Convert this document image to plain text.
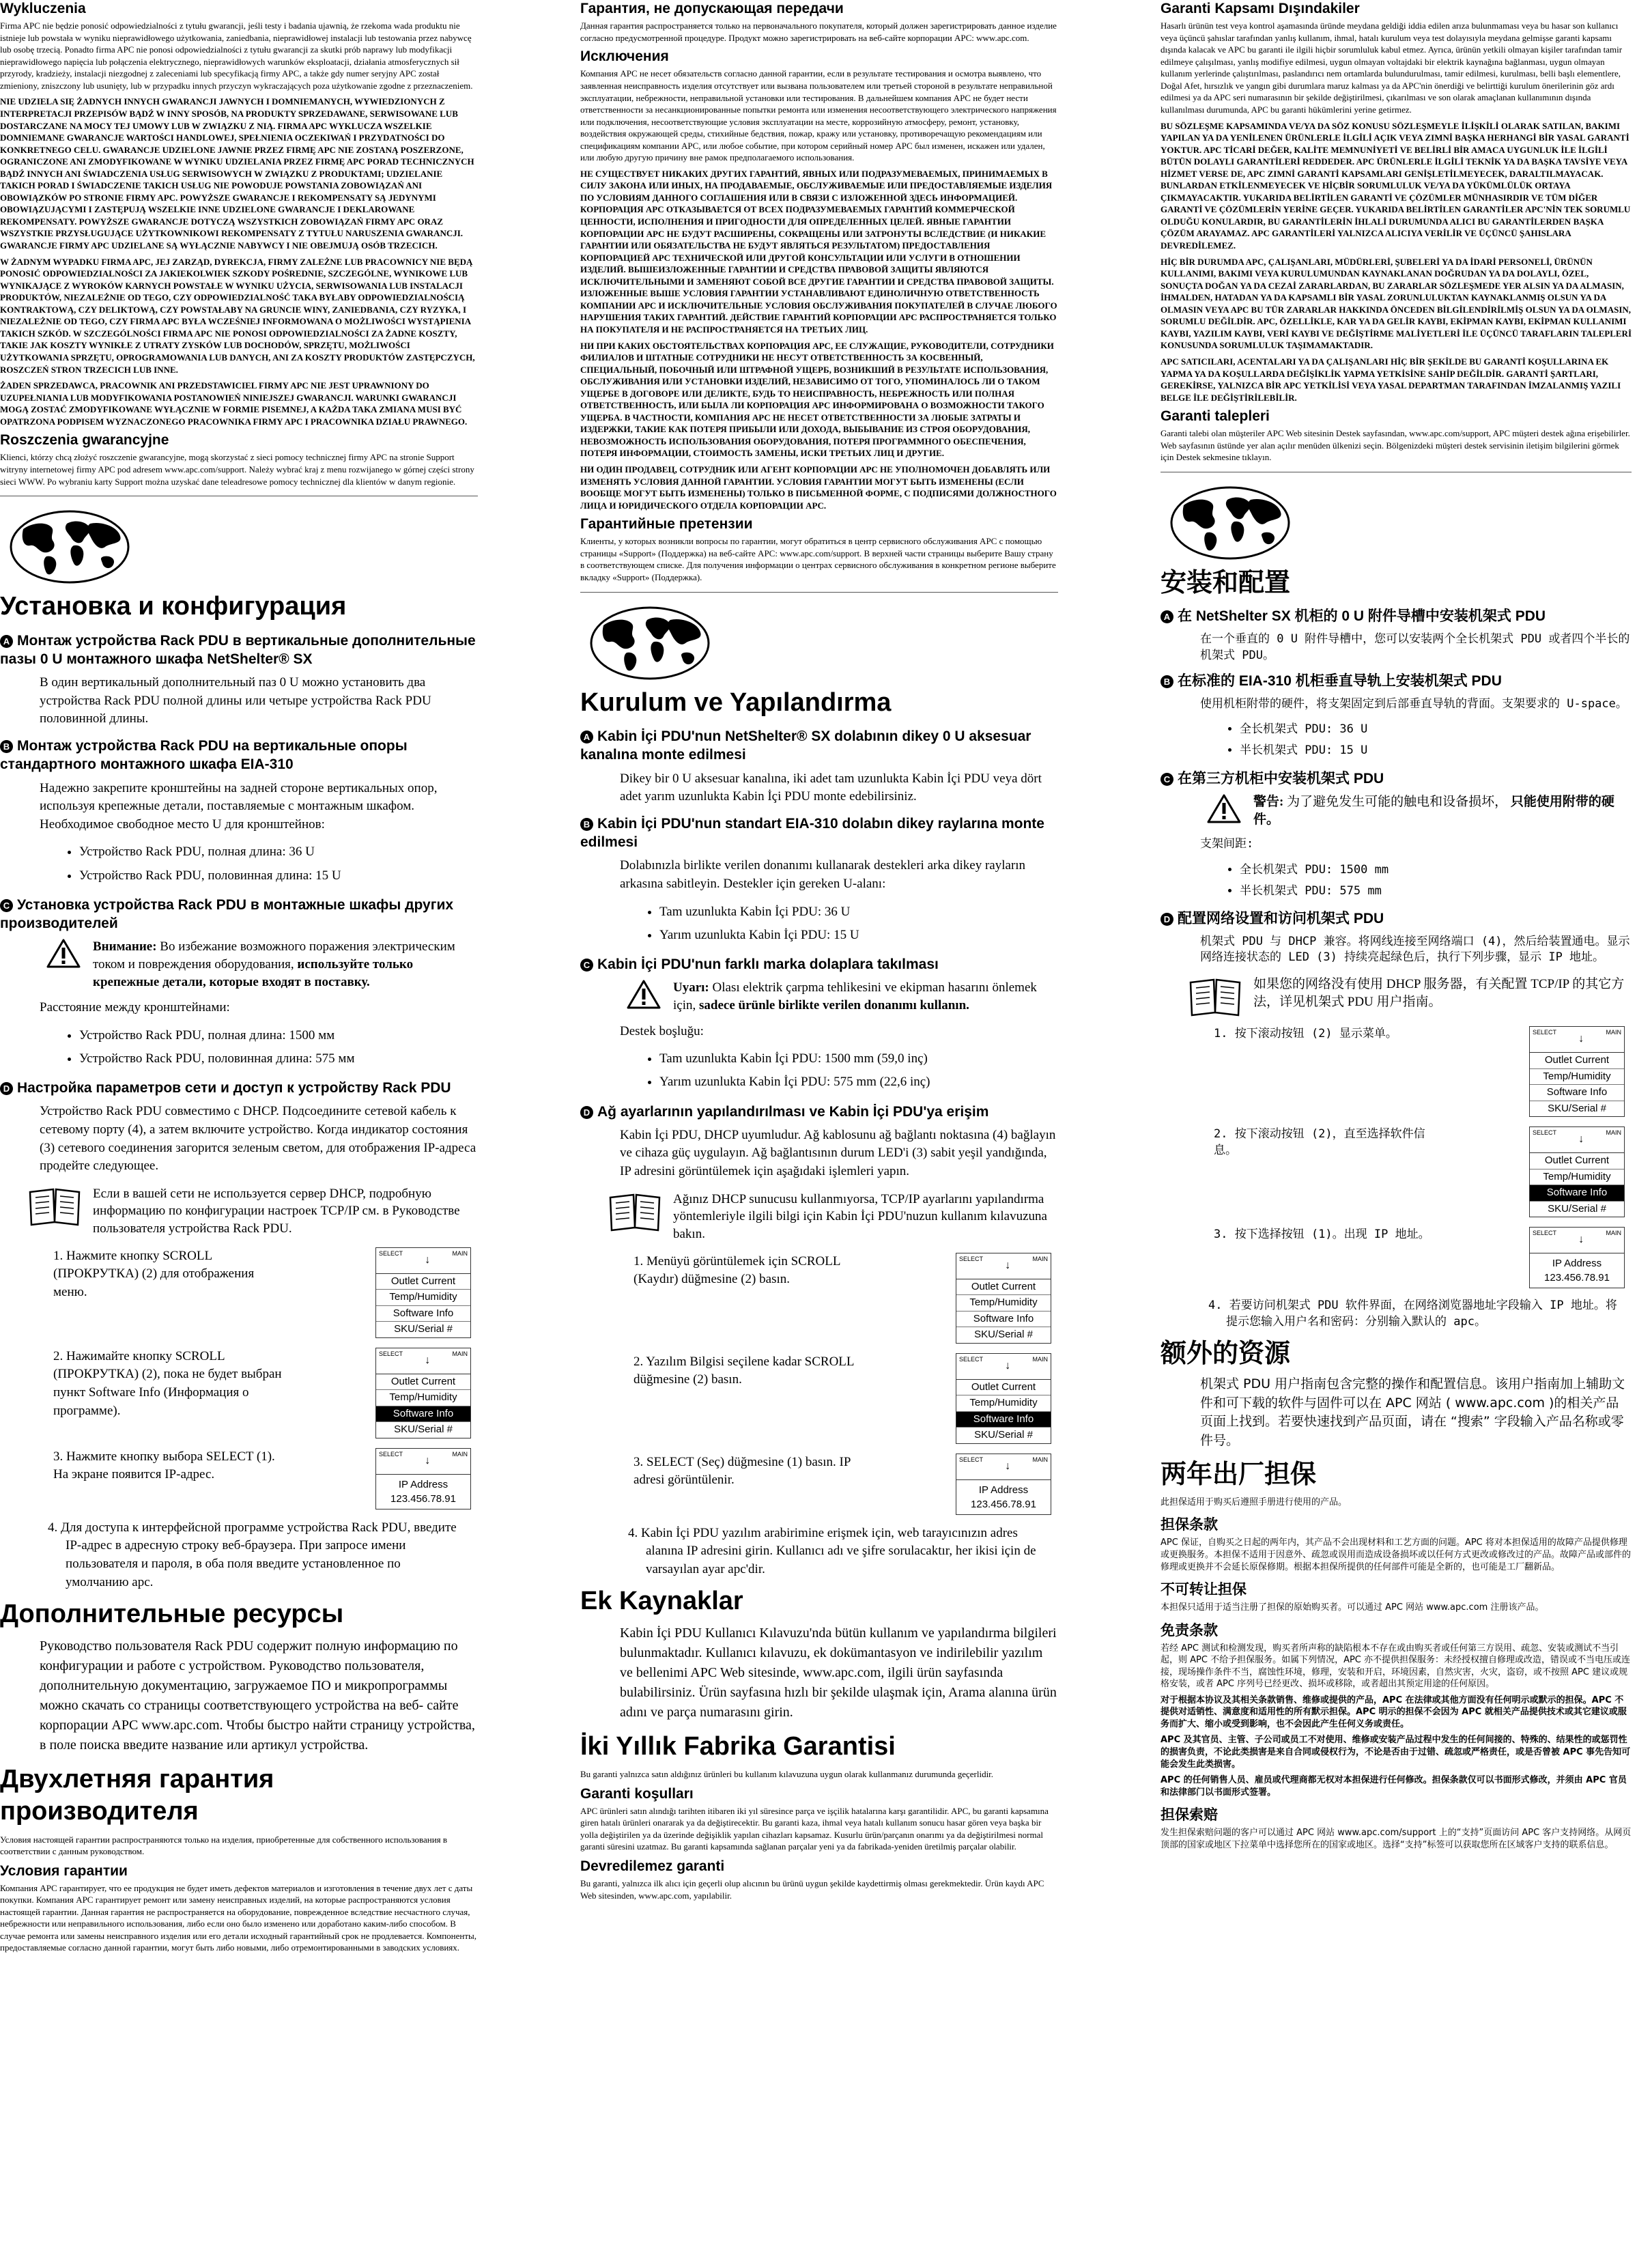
Wykluczenia

Firma APC nie będzie ponosić odpowiedzialności z tytułu gwarancji, jeśli testy i badania ujawnią, że rzekoma wada produktu nie istnieje lub powstała w wyniku nieprawidłowego użytkowania, zaniedbania, nieprawidłowej instalacji lub testowania przez nabywcę lub osobę trzecią. Ponadto firma APC nie ponosi odpowiedzialności z tytułu gwarancji za skutki prób naprawy lub modyfikacji nieprawidłowego napięcia lub połączenia elektrycznego, nieprawidłowych warunków eksploatacji, działania atmosferycznych sił przyrody, kradzieży, instalacji niezgodnej z zaleceniami lub specyfikacją firmy APC, a także gdy numer seryjny APC został zmieniony, zniszczony lub usunięty, lub w przypadku innych przyczyn wykraczających poza użytkowanie zgodne z przeznaczeniem.

NIE UDZIELA SIĘ ŻADNYCH INNYCH GWARANCJI JAWNYCH I DOMNIEMANYCH, WYWIEDZIONYCH Z INTERPRETACJI PRZEPISÓW BĄDŹ W INNY SPOSÓB, NA PRODUKTY SPRZEDAWANE, SERWISOWANE LUB DOSTARCZANE NA MOCY TEJ UMOWY LUB W ZWIĄZKU Z NIĄ. FIRMA APC WYKLUCZA WSZELKIE DOMNIEMANE GWARANCJE WARTOŚCI HANDLOWEJ, SPEŁNIENIA OCZEKIWAŃ I PRZYDATNOŚCI DO KONKRETNEGO CELU. GWARANCJE UDZIELONE JAWNIE PRZEZ FIRMĘ APC NIE ZOSTANĄ POSZERZONE, OGRANICZONE ANI ZMODYFIKOWANE W WYNIKU UDZIELANIA PRZEZ FIRMĘ APC PORAD TECHNICZNYCH BĄDŹ INNYCH ANI ŚWIADCZENIA USŁUG SERWISOWYCH W ZWIĄZKU Z PRODUKTAMI; UDZIELANIE TAKICH PORAD I ŚWIADCZENIE TAKICH USŁUG NIE POWODUJE POWSTANIA ZOBOWIĄZAŃ ANI OBOWIĄZKÓW PO STRONIE FIRMY APC. POWYŻSZE GWARANCJE I REKOMPENSATY SĄ JEDYNYMI OBOWIĄZUJĄCYMI I ZASTĘPUJĄ WSZELKIE INNE UDZIELONE GWARANCJE I DEKLAROWANE REKOMPENSATY. POWYŻSZE GWARANCJE DOTYCZĄ WSZYSTKICH ZOBOWIĄZAŃ FIRMY APC ORAZ WSZYSTKIE PRZYSŁUGUJĄCE UŻYTKOWNIKOWI REKOMPENSATY Z TYTUŁU NARUSZENIA GWARANCJI. GWARANCJE FIRMY APC UDZIELANE SĄ WYŁĄCZNIE NABYWCY I NIE OBEJMUJĄ OSÓB TRZECICH.

W ŻADNYM WYPADKU FIRMA APC, JEJ ZARZĄD, DYREKCJA, FIRMY ZALEŻNE LUB PRACOWNICY NIE BĘDĄ PONOSIĆ ODPOWIEDZIALNOŚCI ZA JAKIEKOLWIEK SZKODY POŚREDNIE, SZCZEGÓLNE, WYNIKOWE LUB WYNIKAJĄCE Z WYROKÓW KARNYCH POWSTAŁE W WYNIKU UŻYCIA, SERWISOWANIA LUB INSTALACJI PRODUKTÓW, NIEZALEŻNIE OD TEGO, CZY ODPOWIEDZIALNOŚĆ TAKA BYŁABY ODPOWIEDZIALNOŚCIĄ KONTRAKTOWĄ, CZY DELIKTOWĄ, CZY POWSTAŁABY NA GRUNCIE WINY, ZANIEDBANIA, CZY RYZYKA, I NIEZALEŻNIE OD TEGO, CZY FIRMA APC BYŁA WCZEŚNIEJ INFORMOWANA O MOŻLIWOŚCI WYSTĄPIENIA TAKICH SZKÓD. W SZCZEGÓLNOŚCI FIRMA APC NIE PONOSI ODPOWIEDZIALNOŚCI ZA ŻADNE KOSZTY, TAKIE JAK KOSZTY WYNIKŁE Z UTRATY ZYSKÓW LUB DOCHODÓW, SPRZĘTU, MOŻLIWOŚCI UŻYTKOWANIA SPRZĘTU, OPROGRAMOWANIA LUB DANYCH, ANI ZA KOSZTY PRODUKTÓW ZASTĘPCZYCH, ROSZCZEŃ STRON TRZECICH LUB INNE.

ŻADEN SPRZEDAWCA, PRACOWNIK ANI PRZEDSTAWICIEL FIRMY APC NIE JEST UPRAWNIONY DO UZUPEŁNIANIA LUB MODYFIKOWANIA POSTANOWIEŃ NINIEJSZEJ GWARANCJI. WARUNKI GWARANCJI MOGĄ ZOSTAĆ ZMODYFIKOWANE WYŁĄCZNIE W FORMIE PISEMNEJ, A KAŻDA TAKA ZMIANA MUSI BYĆ OPATRZONA PODPISEM WYZNACZONEGO PRACOWNIKA FIRMY APC I PRACOWNIKA DZIAŁU PRAWNEGO.

Roszczenia gwarancyjne

Klienci, którzy chcą złożyć roszczenie gwarancyjne, mogą skorzystać z sieci pomocy technicznej firmy APC na stronie Support witryny internetowej firmy APC pod adresem www.apc.com/support. Należy wybrać kraj z menu rozwijanego w górnej części strony sieci WWW. Po wybraniu karty Support można uzyskać dane teleadresowe pomocy technicznej dla klientów w danym regionie.

Установка и конфигурация
A Монтаж устройства Rack PDU в вертикальные дополнительные пазы 0 U монтажного шкафа NetShelter® SX

В один вертикальный дополнительный паз 0 U можно установить два устройства Rack PDU полной длины или четыре устройства Rack PDU половинной длины.

B Монтаж устройства Rack PDU на вертикальные опоры стандартного монтажного шкафа EIA-310

Надежно закрепите кронштейны на задней стороне вертикальных опор, используя крепежные детали, поставляемые с монтажным шкафом. Необходимое свободное место U для кронштейнов:

• Устройство Rack PDU, полная длина: 36 U
• Устройство Rack PDU, половинная длина: 15 U
C Установка устройства Rack PDU в монтажные шкафы других производителей
Внимание: Во избежание возможного поражения электрическим током и повреждения оборудования, используйте только крепежные детали, которые входят в поставку.

Расстояние между кронштейнами:

• Устройство Rack PDU, полная длина: 1500 мм
• Устройство Rack PDU, половинная длина: 575 мм
D Настройка параметров сети и доступ к устройству Rack PDU

Устройство Rack PDU совместимо с DHCP. Подсоедините сетевой кабель к сетевому порту (4), а затем включите устройство. Когда индикатор состояния (3) сетевого соединения загорится зеленым светом, для отображения IP-адреса продейте следующее.

Если в вашей сети не используется сервер DHCP, подробную информацию по конфигурации настроек TCP/IP см. в Руководстве пользователя устройства Rack PDU.
1. Нажмите кнопку SCROLL (ПРОКРУТКА) (2) для отображения меню.
SELECT
↓
MAIN
Outlet Current
Temp/Humidity
Software Info
SKU/Serial #
2. Нажимайте кнопку SCROLL (ПРОКРУТКА) (2), пока не будет выбран пункт Software Info (Информация о программе).
SELECT
↓
MAIN
Outlet Current
Temp/Humidity
Software Info
SKU/Serial #
3. Нажмите кнопку выбора SELECT (1). На экране появится IP-адрес.
SELECT
↓
MAIN
IP Address
123.456.78.91

4. Для доступа к интерфейсной программе устройства Rack PDU, введите IP-адрес в адресную строку веб-браузера. При запросе имени пользователя и пароля, в оба поля введите установленное по умолчанию apc.

Дополнительные ресурсы

Руководство пользователя Rack PDU содержит полную информацию по конфигурации и работе с устройством. Руководство пользователя, дополнительную документацию, загружаемое ПО и микропрограммы можно скачать со страницы соответствующего устройства на веб- сайте корпорации APC www.apc.com. Чтобы быстро найти страницу устройства, в поле поиска введите название или артикул устройства.

Двухлетняя гарантия производителя

Условия настоящей гарантии распространяются только на изделия, приобретенные для собственного использования в соответствии с данным руководством.

Условия гарантии

Компания APC гарантирует, что ее продукция не будет иметь дефектов материалов и изготовления в течение двух лет с даты покупки. Компания APC гарантирует ремонт или замену неисправных изделий, на которые распространяются условия настоящей гарантии. Данная гарантия не распространяется на оборудование, поврежденное вследствие несчастного случая, небрежности или неправильного использования, либо если оно было изменено или доработано каким-либо способом. В случае ремонта или замены неисправного изделия или его детали исходный гарантийный срок не продлевается. Компоненты, предоставляемые согласно данной гарантии, могут быть либо новыми, либо отремонтированными в заводских условиях.

Гарантия, не допускающая передачи

Данная гарантия распространяется только на первоначального покупателя, который должен зарегистрировать данное изделие согласно предусмотренной процедуре. Продукт можно зарегистрировать на веб-сайте корпорации APC: www.apc.com.

Исключения

Компания APC не несет обязательств согласно данной гарантии, если в результате тестирования и осмотра выявлено, что заявленная неисправность изделия отсутствует или вызвана пользователем или третьей стороной в результате неправильной эксплуатации, небрежности, неправильной установки или тестирования. В дальнейшем компания APC не будет нести ответственности за несанкционированные попытки ремонта или изменения несоответствующего электрического напряжения или подключения, несоответствующие условия эксплуатации на месте, коррозийную атмосферу, ремонт, установку, воздействия окружающей среды, стихийные бедствия, пожар, кражу или установку, противоречащую рекомендациям или спецификациям компании APC, или любое событие, при котором серийный номер APC был изменен, искажен или удален, или любую другую причину вне рамок предполагаемого использования.

НЕ СУЩЕСТВУЕТ НИКАКИХ ДРУГИХ ГАРАНТИЙ, ЯВНЫХ ИЛИ ПОДРАЗУМЕВАЕМЫХ, ПРИНИМАЕМЫХ В СИЛУ ЗАКОНА ИЛИ ИНЫХ, НА ПРОДАВАЕМЫЕ, ОБСЛУЖИВАЕМЫЕ ИЛИ ПРЕДОСТАВЛЯЕМЫЕ ИЗДЕЛИЯ ПО УСЛОВИЯМ ДАННОГО СОГЛАШЕНИЯ ИЛИ В СВЯЗИ С ИЗЛОЖЕННОЙ ЗДЕСЬ ИНФОРМАЦИЕЙ. КОРПОРАЦИЯ APC ОТКАЗЫВАЕТСЯ ОТ ВСЕХ ПОДРАЗУМЕВАЕМЫХ ГАРАНТИЙ КОММЕРЧЕСКОЙ ЦЕННОСТИ, ИСПОЛНЕНИЯ И ПРИГОДНОСТИ ДЛЯ ОПРЕДЕЛЕННЫХ ЦЕЛЕЙ. ЯВНЫЕ ГАРАНТИИ КОРПОРАЦИИ APC НЕ БУДУТ РАСШИРЕНЫ, СОКРАЩЕНЫ ИЛИ ЗАТРОНУТЫ ВСЛЕДСТВИЕ (И НИКАКИЕ ГАРАНТИИ ИЛИ ОБЯЗАТЕЛЬСТВА НЕ БУДУТ ЯВЛЯТЬСЯ РЕЗУЛЬТАТОМ) ПРЕДОСТАВЛЕНИЯ КОРПОРАЦИЕЙ APC ТЕХНИЧЕСКОЙ ИЛИ ДРУГОЙ КОНСУЛЬТАЦИИ ИЛИ УСЛУГИ В ОТНОШЕНИИ ИЗДЕЛИЙ. ВЫШЕИЗЛОЖЕННЫЕ ГАРАНТИИ И СРЕДСТВА ПРАВОВОЙ ЗАЩИТЫ ЯВЛЯЮТСЯ ИСКЛЮЧИТЕЛЬНЫМИ И ЗАМЕНЯЮТ СОБОЙ ВСЕ ДРУГИЕ ГАРАНТИИ И СРЕДСТВА ПРАВОВОЙ ЗАЩИТЫ. ИЗЛОЖЕННЫЕ ВЫШЕ УСЛОВИЯ ГАРАНТИИ УСТАНАВЛИВАЮТ ЕДИНОЛИЧНУЮ ОТВЕТСТВЕННОСТЬ КОМПАНИИ APC И ИСКЛЮЧИТЕЛЬНЫЕ УСЛОВИЯ ОБСЛУЖИВАНИЯ ПОКУПАТЕЛЕЙ В СЛУЧАЕ ЛЮБОГО НАРУШЕНИЯ ТАКИХ ГАРАНТИЙ. ДЕЙСТВИЕ ГАРАНТИЙ КОРПОРАЦИИ APC РАСПРОСТРАНЯЕТСЯ ТОЛЬКО НА ПОКУПАТЕЛЯ И НЕ РАСПРОСТРАНЯЕТСЯ НА ТРЕТЬИХ ЛИЦ.

НИ ПРИ КАКИХ ОБСТОЯТЕЛЬСТВАХ КОРПОРАЦИЯ APC, ЕЕ СЛУЖАЩИЕ, РУКОВОДИТЕЛИ, СОТРУДНИКИ ФИЛИАЛОВ И ШТАТНЫЕ СОТРУДНИКИ НЕ НЕСУТ ОТВЕТСТВЕННОСТЬ ЗА КОСВЕННЫЙ, СПЕЦИАЛЬНЫЙ, ПОБОЧНЫЙ ИЛИ ШТРАФНОЙ УЩЕРБ, ВОЗНИКШИЙ В РЕЗУЛЬТАТЕ ИСПОЛЬЗОВАНИЯ, ОБСЛУЖИВАНИЯ ИЛИ УСТАНОВКИ ИЗДЕЛИЙ, НЕЗАВИСИМО ОТ ТОГО, УПОМИНАЛОСЬ ЛИ О ТАКОМ УЩЕРБЕ В ДОГОВОРЕ ИЛИ ДЕЛИКТЕ, БУДЬ ТО НЕИСПРАВНОСТЬ, НЕБРЕЖНОСТЬ ИЛИ ПОЛНАЯ ОТВЕТСТВЕННОСТЬ, ИЛИ БЫЛА ЛИ КОРПОРАЦИЯ APC ИНФОРМИРОВАНА О ВОЗМОЖНОСТИ ТАКОГО УЩЕРБА. В ЧАСТНОСТИ, КОМПАНИЯ APC НЕ НЕСЕТ ОТВЕТСТВЕННОСТИ ЗА ЛЮБЫЕ ЗАТРАТЫ И ИЗДЕРЖКИ, ТАКИЕ КАК ПОТЕРЯ ПРИБЫЛИ ИЛИ ДОХОДА, ВЫБЫВАНИЕ ИЗ СТРОЯ ОБОРУДОВАНИЯ, НЕВОЗМОЖНОСТЬ ИСПОЛЬЗОВАНИЯ ОБОРУДОВАНИЯ, ПОТЕРЯ ПРОГРАММНОГО ОБЕСПЕЧЕНИЯ, ПОТЕРЯ ИНФОРМАЦИИ, СТОИМОСТЬ ЗАМЕНЫ, ИСКИ ТРЕТЬИХ ЛИЦ И ДРУГИЕ.

НИ ОДИН ПРОДАВЕЦ, СОТРУДНИК ИЛИ АГЕНТ КОРПОРАЦИИ APC НЕ УПОЛНОМОЧЕН ДОБАВЛЯТЬ ИЛИ ИЗМЕНЯТЬ УСЛОВИЯ ДАННОЙ ГАРАНТИИ. УСЛОВИЯ ГАРАНТИИ МОГУТ БЫТЬ ИЗМЕНЕНЫ (ЕСЛИ ВООБЩЕ МОГУТ БЫТЬ ИЗМЕНЕНЫ) ТОЛЬКО В ПИСЬМЕННОЙ ФОРМЕ, С ПОДПИСЯМИ ДОЛЖНОСТНОГО ЛИЦА И ЮРИДИЧЕСКОГО ОТДЕЛА КОРПОРАЦИИ APC.

Гарантийные претензии

Клиенты, у которых возникли вопросы по гарантии, могут обратиться в центр сервисного обслуживания APC с помощью страницы «Support» (Поддержка) на веб-сайте APC: www.apc.com/support. В верхней части страницы выберите Вашу страну в соответствующем списке. Для получения информации о центрах сервисного обслуживания в конкретном регионе выберите вкладку «Support» (Поддержка).

Kurulum ve Yapılandırma
A Kabin İçi PDU'nun NetShelter® SX dolabının dikey 0 U aksesuar kanalına monte edilmesi

Dikey bir 0 U aksesuar kanalına, iki adet tam uzunlukta Kabin İçi PDU veya dört adet yarım uzunlukta Kabin İçi PDU monte edebilirsiniz.

B Kabin İçi PDU'nun standart EIA-310 dolabın dikey raylarına monte edilmesi

Dolabınızla birlikte verilen donanımı kullanarak destekleri arka dikey rayların arkasına sabitleyin. Destekler için gereken U-alanı:

• Tam uzunlukta Kabin İçi PDU: 36 U
• Yarım uzunlukta Kabin İçi PDU: 15 U
C Kabin İçi PDU'nun farklı marka dolaplara takılması
Uyarı: Olası elektrik çarpma tehlikesini ve ekipman hasarını önlemek için, sadece ürünle birlikte verilen donanımı kullanın.

Destek boşluğu:

• Tam uzunlukta Kabin İçi PDU: 1500 mm (59,0 inç)
• Yarım uzunlukta Kabin İçi PDU: 575 mm (22,6 inç)
D Ağ ayarlarının yapılandırılması ve Kabin İçi PDU'ya erişim

Kabin İçi PDU, DHCP uyumludur. Ağ kablosunu ağ bağlantı noktasına (4) bağlayın ve cihaza güç uygulayın. Ağ bağlantısının durum LED'i (3) sabit yeşil yandığında, IP adresini görüntülemek için aşağıdaki işlemleri yapın.

Ağınız DHCP sunucusu kullanmıyorsa, TCP/IP ayarlarını yapılandırma yöntemleriyle ilgili bilgi için Kabin İçi PDU'nuzun kullanım kılavuzuna bakın.
1. Menüyü görüntülemek için SCROLL (Kaydır) düğmesine (2) basın.
SELECT
↓
MAIN
Outlet Current
Temp/Humidity
Software Info
SKU/Serial #
2. Yazılım Bilgisi seçilene kadar SCROLL düğmesine (2) basın.
SELECT
↓
MAIN
Outlet Current
Temp/Humidity
Software Info
SKU/Serial #
3. SELECT (Seç) düğmesine (1) basın. IP adresi görüntülenir.
SELECT
↓
MAIN
IP Address
123.456.78.91

4. Kabin İçi PDU yazılım arabirimine erişmek için, web tarayıcınızın adres alanına IP adresini girin. Kullanıcı adı ve şifre sorulacaktır, her ikisi için de varsayılan ayar apc'dir.

Ek Kaynaklar

Kabin İçi PDU Kullanıcı Kılavuzu'nda bütün kullanım ve yapılandırma bilgileri bulunmaktadır. Kullanıcı kılavuzu, ek dokümantasyon ve indirilebilir yazılım ve bellenimi APC Web sitesinde, www.apc.com, ilgili ürün sayfasında bulabilirsiniz. Ürün sayfasına hızlı bir şekilde ulaşmak için, Arama alanına ürün adını ve parça numarasını girin.

İki Yıllık Fabrika Garantisi

Bu garanti yalnızca satın aldığınız ürünleri bu kullanım kılavuzuna uygun olarak kullanmanız durumunda geçerlidir.

Garanti koşulları

APC ürünleri satın alındığı tarihten itibaren iki yıl süresince parça ve işçilik hatalarına karşı garantilidir. APC, bu garanti kapsamına giren hatalı ürünleri onararak ya da değiştirecektir. Bu garanti kaza, ihmal veya hatalı kullanım sonucu hasar gören veya başka bir yolla değiştirilen ya da üzerinde değişiklik yapılan cihazları kapsamaz. Kusurlu ürün/parçanın onarımı ya da değiştirilmesi normal garanti süresini uzatmaz. Bu garanti kapsamında sağlanan parçalar yeni ya da fabrikada-yeniden üretilmiş parçalar olabilir.

Devredilemez garanti

Bu garanti, yalnızca ilk alıcı için geçerli olup alıcının bu ürünü uygun şekilde kaydettirmiş olması gerekmektedir. Ürün kaydı APC Web sitesinden, www.apc.com, yapılabilir.

Garanti Kapsamı Dışındakiler

Hasarlı ürünün test veya kontrol aşamasında üründe meydana geldiği iddia edilen arıza bulunmaması veya bu hasar son kullanıcı veya üçüncü şahıslar tarafından yanlış kullanım, ihmal, hatalı kurulum veya test dolayısıyla meydana gelmişse garanti kapsamı dışında kalacak ve APC bu garanti ile ilgili hiçbir sorumluluk kabul etmez. Ayrıca, ürünün yetkili olmayan kişiler tarafından tamir edilmeye çalışılması, yanlış modifiye edilmesi, uygun olmayan voltajdaki bir elektrik kaynağına bağlanması, uygun olmayan kullanım yerlerinde çalıştırılması, paslandırıcı nem ortamlarda bulundurulması, tamir edilmesi, kurulması, belli başlı elementlere, Doğal Afet, hırsızlık ve yangın gibi durumlara maruz kalması ya da APC'nin önerdiği ve belirttiği kurulum önerilerinin göz ardı edilmesi ya da APC seri numarasının bir şekilde değiştirilmesi, çıkarılması ve son olarak amaçlanan kullanımının dışında kullanılması durumunda, APC bu garanti hükümlerini yerine getirmez.

BU SÖZLEŞME KAPSAMINDA VE/YA DA SÖZ KONUSU SÖZLEŞMEYLE İLİŞKİLİ OLARAK SATILAN, BAKIMI YAPILAN YA DA YENİLENEN ÜRÜNLERLE İLGİLİ AÇIK VEYA ZIMNİ BAŞKA HERHANGİ BİR YASAL GARANTİ YOKTUR. APC TİCARİ DEĞER, KALİTE MEMNUNİYETİ VE BELİRLİ BİR AMACA UYGUNLUK İLE İLGİLİ BÜTÜN DOLAYLI GARANTİLERİ REDDEDER. APC ÜRÜNLERLE İLGİLİ TEKNİK YA DA BAŞKA TAVSİYE VEYA HİZMET VERSE DE, APC ZIMNİ GARANTİ KAPSAMLARI GENİŞLETİLMEYECEK, DARALTILMAYACAK. BUNLARDAN ETKİLENMEYECEK VE HİÇBİR SORUMLULUK VE/YA DA YÜKÜMLÜLÜK ORTAYA ÇIKMAYACAKTIR. YUKARIDA BELİRTİLEN GARANTİ VE ÇÖZÜMLER MÜNHASIRDIR VE TÜM DİĞER GARANTİ VE ÇÖZÜMLERİN YERİNE GEÇER. YUKARIDA BELİRTİLEN GARANTİLER APC'NİN TEK SORUMLU OLDUĞU KONULARDIR, BU GARANTİLERİN İHLALİ DURUMUNDA ALICI BU GARANTİLERDEN BAŞKA ÇÖZÜM ARAYAMAZ. APC GARANTİLERİ YALNIZCA ALICIYA VERİLİR VE ÜÇÜNCÜ ŞAHISLARA DEVREDİLEMEZ.

HİÇ BİR DURUMDA APC, ÇALIŞANLARI, MÜDÜRLERİ, ŞUBELERİ YA DA İDARİ PERSONELİ, ÜRÜNÜN KULLANIMI, BAKIMI VEYA KURULUMUNDAN KAYNAKLANAN DOĞRUDAN YA DA DOLAYLI, ÖZEL, SONUÇTA DOĞAN YA DA CEZAİ ZARARLARDAN, BU ZARARLAR SÖZLEŞMEDE YER ALSIN YA DA ALMASIN, İHMALDEN, HATADAN YA DA KAPSAMLI BİR YASAL ZORUNLULUKTAN KAYNAKLANMIŞ OLSUN YA DA OLMASIN VEYA APC BU TÜR ZARARLAR HAKKINDA ÖNCEDEN BİLGİLENDİRİLMİŞ OLSUN YA DA OLMASIN, SORUMLU DEĞİLDİR. APC, ÖZELLİKLE, KAR YA DA GELİR KAYBI, EKİPMAN KAYBI, EKİPMAN KULLANIMI KAYBI, YAZILIM KAYBI, VERİ KAYBI VE DEĞİŞTİRME MALİYETLERİ İLE ÜÇÜNCÜ TARAFLARIN TALEPLERİ KONUSUNDA SORUMLULUK TAŞIMAMAKTADIR.

APC SATICILARI, ACENTALARI YA DA ÇALIŞANLARI HİÇ BİR ŞEKİLDE BU GARANTİ KOŞULLARINA EK YAPMA YA DA KOŞULLARDA DEĞİŞİKLİK YAPMA YETKİSİNE SAHİP DEĞİLDİR. GARANTİ ŞARTLARI, GEREKİRSE, YALNIZCA BİR APC YETKİLİSİ VEYA YASAL DEPARTMAN TARAFINDAN İMZALANMIŞ YAZILI BELGE İLE DEĞİŞTİRİLEBİLİR.

Garanti talepleri

Garanti talebi olan müşteriler APC Web sitesinin Destek sayfasından, www.apc.com/support, APC müşteri destek ağına erişebilirler. Web sayfasının üstünde yer alan açılır menüden ülkenizi seçin. Bölgenizdeki müşteri destek servisinin iletişim bilgilerini görmek için Destek sekmesine tıklayın.

安装和配置
A 在 NetShelter SX 机柜的 0 U 附件导槽中安装机架式 PDU

在一个垂直的 0 U 附件导槽中，您可以安装两个全长机架式 PDU 或者四个半长的机架式 PDU。

B 在标准的 EIA-310 机柜垂直导轨上安装机架式 PDU

使用机柜附带的硬件，将支架固定到后部垂直导轨的背面。支架要求的 U-space。

• 全长机架式 PDU: 36 U
• 半长机架式 PDU: 15 U
C 在第三方机柜中安装机架式 PDU
警告: 为了避免发生可能的触电和设备损坏， 只能使用附带的硬件。

支架间距:

• 全长机架式 PDU: 1500 mm
• 半长机架式 PDU: 575 mm
D 配置网络设置和访问机架式 PDU

机架式 PDU 与 DHCP 兼容。将网线连接至网络端口 (4)，然后给装置通电。显示网络连接状态的 LED (3) 持续亮起绿色后，执行下列步骤，显示 IP 地址。

如果您的网络没有使用 DHCP 服务器，有关配置 TCP/IP 的其它方法，详见机架式 PDU 用户指南。
1. 按下滚动按钮 (2) 显示菜单。	SELECT
↓
MAIN
Outlet Current
Temp/Humidity
Software Info
SKU/Serial #
2. 按下滚动按钮 (2)，直至选择软件信息。
SELECT
↓
MAIN
Outlet Current
Temp/Humidity
Software Info
SKU/Serial #
3. 按下选择按钮 (1)。出现 IP 地址。	SELECT
↓
MAIN
IP Address
123.456.78.91

4. 若要访问机架式 PDU 软件界面，在网络浏览器地址字段输入 IP 地址。将提示您输入用户名和密码：分别输入默认的 apc。

额外的资源

机架式 PDU 用户指南包含完整的操作和配置信息。该用户指南加上辅助文件和可下载的软件与固件可以在 APC 网站 ( www.apc.com )的相关产品页面上找到。若要快速找到产品页面，请在 “搜索” 字段输入产品名称或零件号。

两年出厂担保

此担保适用于购买后遵照手册进行使用的产品。

担保条款

APC 保证，自购买之日起的两年内，其产品不会出现材料和工艺方面的问题。APC 将对本担保适用的故障产品提供修理或更换服务。本担保不适用于因意外、疏忽或误用而造成设备损坏或以任何方式更改或修改过的产品。故障产品或部件的修理或更换并不会延长原保修期。根据本担保所提供的任何部件可能是全新的，也可能是工厂翻新品。

不可转让担保

本担保只适用于适当注册了担保的原始购买者。可以通过 APC 网站 www.apc.com 注册该产品。

免责条款

若经 APC 测试和检测发现，购买者所声称的缺陷根本不存在或由购买者或任何第三方误用、疏忽、安装或测试不当引起，则 APC 不给予担保服务。如属下列情况，APC 亦不提供担保服务：未经授权擅自修理或改造，错误或不当电压或连接，现场操作条件不当，腐蚀性环境，修理，安装和开启，环境因素，自然灾害，火灾，盗窃，或不按照 APC 建议或规格安装，或者 APC 序列号已经更改、损坏或移除，或者超出其预定用途的任何原因。

对于根据本协议及其相关条款销售、维修或提供的产品，APC 在法律或其他方面没有任何明示或默示的担保。APC 不提供对适销性、满意度和适用性的所有默示担保。APC 明示的担保不会因为 APC 就相关产品提供技术或其它建议或服务而扩大、缩小或受到影响，也不会因此产生任何义务或责任。

APC 及其官员、主管、子公司或员工不对使用、维修或安装产品过程中发生的任何间接的、特殊的、结果性的或惩罚性的损害负责，不论此类损害是来自合同或侵权行为，不论是否由于过错、疏忽或严格责任，或是否曾被 APC 事先告知可能会发生此类损害。

APC 的任何销售人员、雇员或代理商都无权对本担保进行任何修改。担保条款仅可以书面形式修改，并须由 APC 官员和法律部门以书面形式签署。

担保索赔

发生担保索赔问题的客户可以通过 APC 网站 www.apc.com/support 上的“支持”页面访问 APC 客户支持网络。从网页顶部的国家或地区下拉菜单中选择您所在的国家或地区。选择“支持”标签可以获取您所在区域客户支持的联系信息。
